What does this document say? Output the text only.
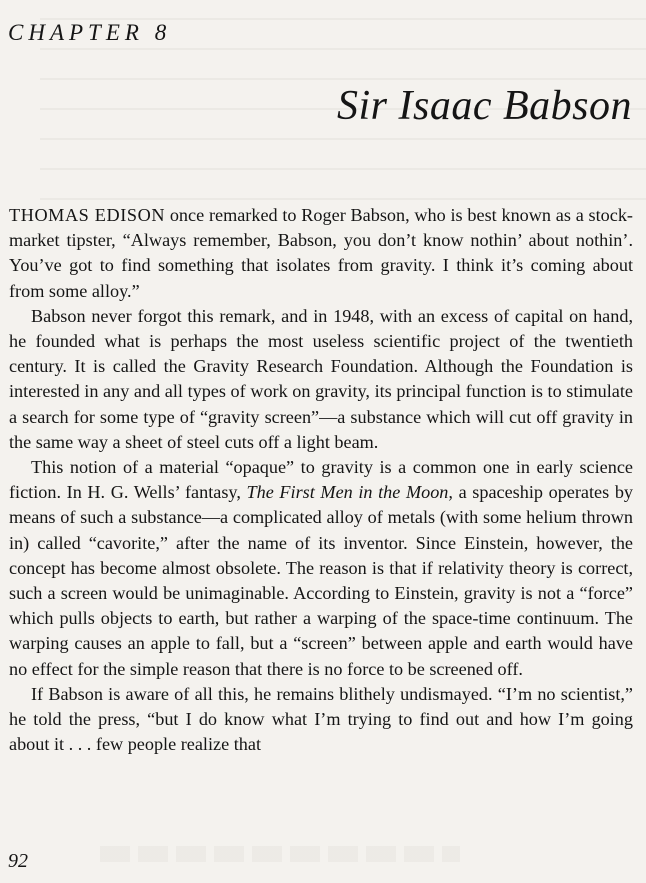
CHAPTER 8
Sir Isaac Babson

THOMAS EDISON once remarked to Roger Babson, who is best known as a stock-market tipster, “Always remember, Babson, you don’t know nothin’ about nothin’. You’ve got to find something that isolates from gravity. I think it’s coming about from some alloy.”

Babson never forgot this remark, and in 1948, with an excess of capital on hand, he founded what is perhaps the most useless scientific project of the twentieth century. It is called the Gravity Research Foundation. Although the Foundation is interested in any and all types of work on gravity, its principal function is to stimulate a search for some type of “gravity screen”—a substance which will cut off gravity in the same way a sheet of steel cuts off a light beam.

This notion of a material “opaque” to gravity is a common one in early science fiction. In H. G. Wells’ fantasy, The First Men in the Moon, a spaceship operates by means of such a substance—a complicated alloy of metals (with some helium thrown in) called “cavorite,” after the name of its inventor. Since Einstein, however, the concept has become almost obsolete. The reason is that if relativity theory is correct, such a screen would be unimaginable. According to Einstein, gravity is not a “force” which pulls objects to earth, but rather a warping of the space-time continuum. The warping causes an apple to fall, but a “screen” between apple and earth would have no effect for the simple reason that there is no force to be screened off.

If Babson is aware of all this, he remains blithely undismayed. “I’m no scientist,” he told the press, “but I do know what I’m trying to find out and how I’m going about it . . . few people realize that

92
